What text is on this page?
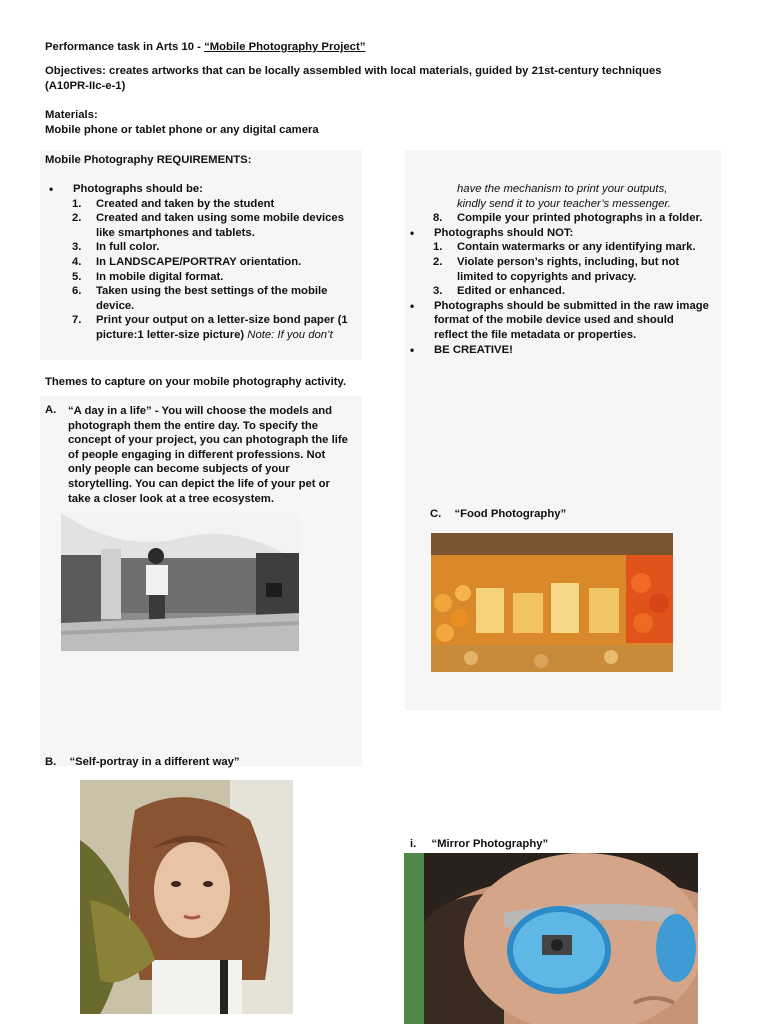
Performance task in Arts 10 - “Mobile Photography Project”
Objectives: creates artworks that can be locally assembled with local materials, guided by 21st-century techniques
(A10PR-IIc-e-1)
Materials:
Mobile phone or tablet phone or any digital camera
Mobile Photography REQUIREMENTS:
• Photographs should be:
1. Created and taken by the student
2. Created and taken using some mobile devices
like smartphones and tablets.
3. In full color.
4. In LANDSCAPE/PORTRAY orientation.
5. In mobile digital format.
6. Taken using the best settings of the mobile
device.
7. Print your output on a letter-size bond paper (1
picture:1 letter-size picture) Note: If you don’t
have the mechanism to print your outputs,
kindly send it to your teacher’s messenger.
8. Compile your printed photographs in a folder.
• Photographs should NOT:
1. Contain watermarks or any identifying mark.
2. Violate person’s rights, including, but not
limited to copyrights and privacy.
3. Edited or enhanced.
• Photographs should be submitted in the raw image
format of the mobile device used and should
reflect the file metadata or properties.
• BE CREATIVE!
Themes to capture on your mobile photography activity.
A. “A day in a life” - You will choose the models and
photograph them the entire day. To specify the
concept of your project, you can photograph the life
of people engaging in different professions. Not
only people can become subjects of your
storytelling. You can depict the life of your pet or
take a closer look at a tree ecosystem.
C. “Food Photography”
B. “Self-portray in a different way”
i. “Mirror Photography”
